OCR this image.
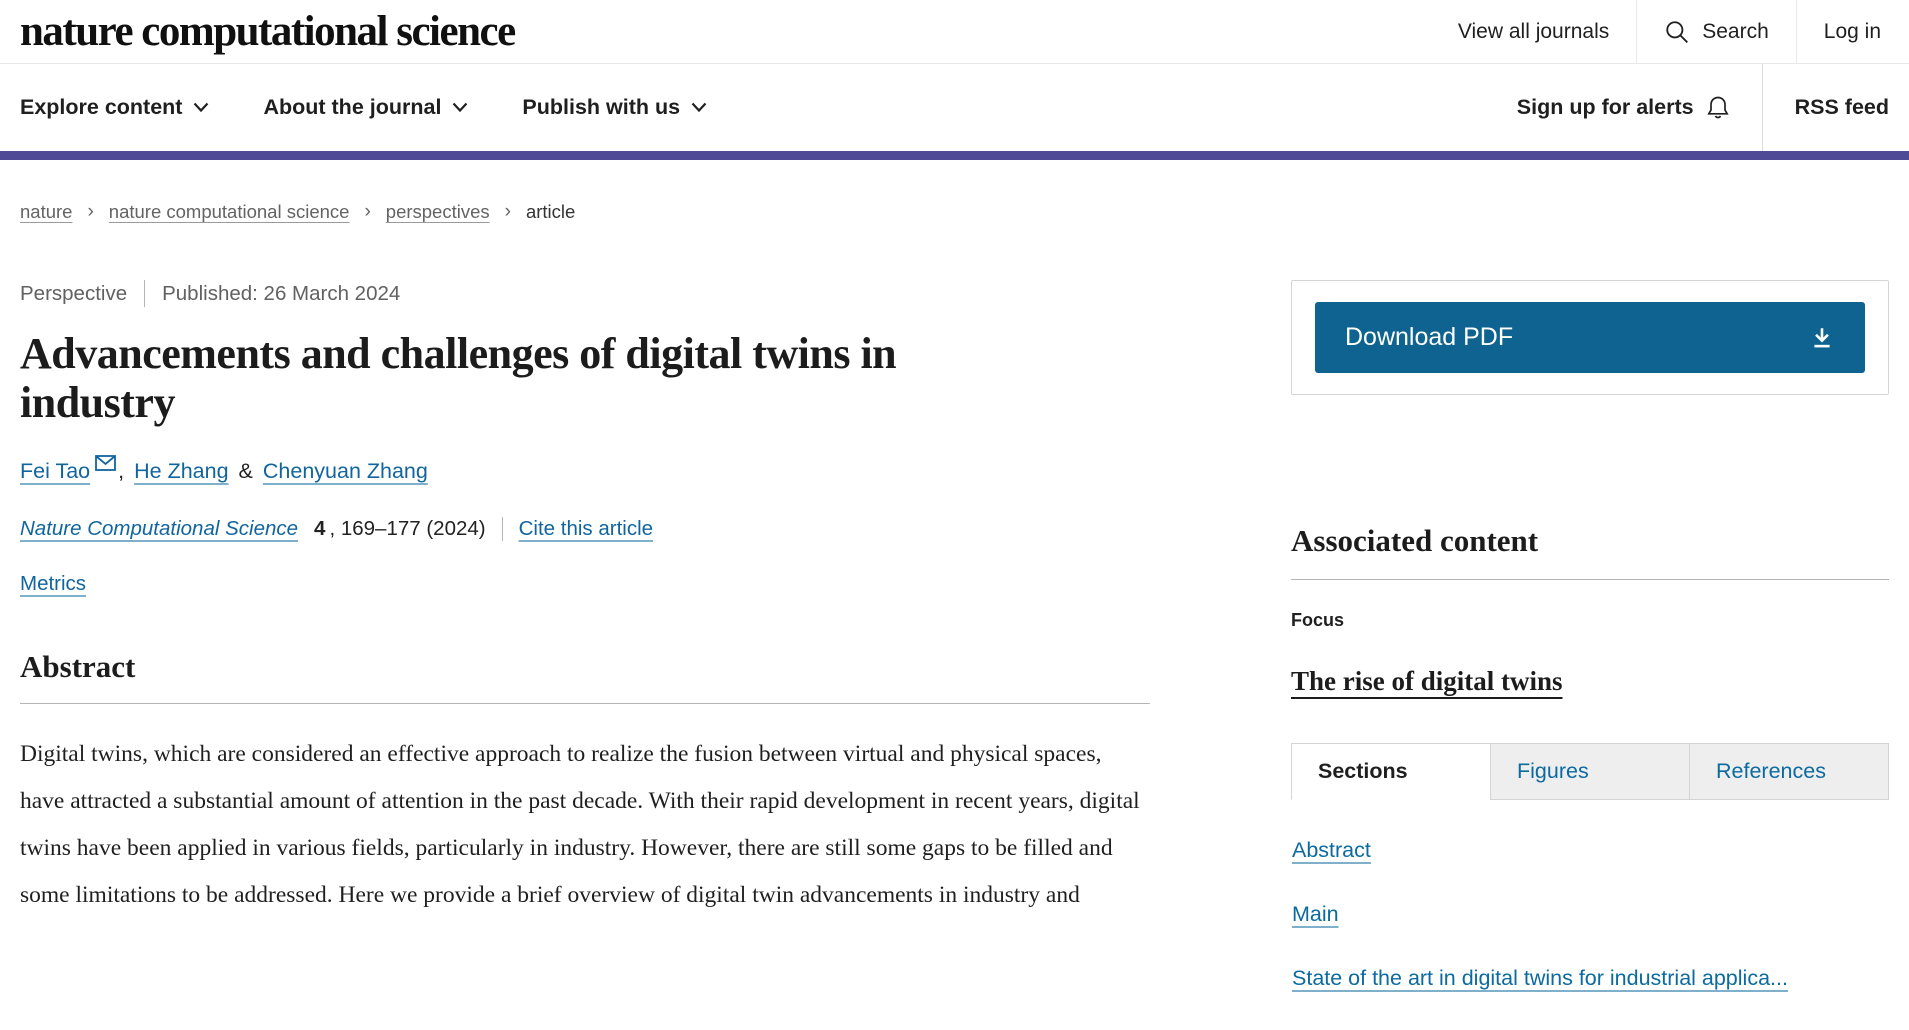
nature computational science	View all journals	Search	Log in
Explore content	About the journal	Publish with us	Sign up for alerts	RSS feed
nature › nature computational science › perspectives › article
Perspective Published: 26 March 2024
Advancements and challenges of digital twins in industry
Fei Tao , He Zhang & Chenyuan Zhang
Nature Computational Science 4 , 169–177 (2024) Cite this article
Metrics
Abstract

Digital twins, which are considered an effective approach to realize the fusion between virtual and physical spaces, have attracted a substantial amount of attention in the past decade. With their rapid development in recent years, digital twins have been applied in various fields, particularly in industry. However, there are still some gaps to be filled and some limitations to be addressed. Here we provide a brief overview of digital twin advancements in industry and

Download PDF
Associated content
Focus
The rise of digital twins
Sections	Figures	References
Abstract
Main
State of the art in digital twins for industrial applica...
